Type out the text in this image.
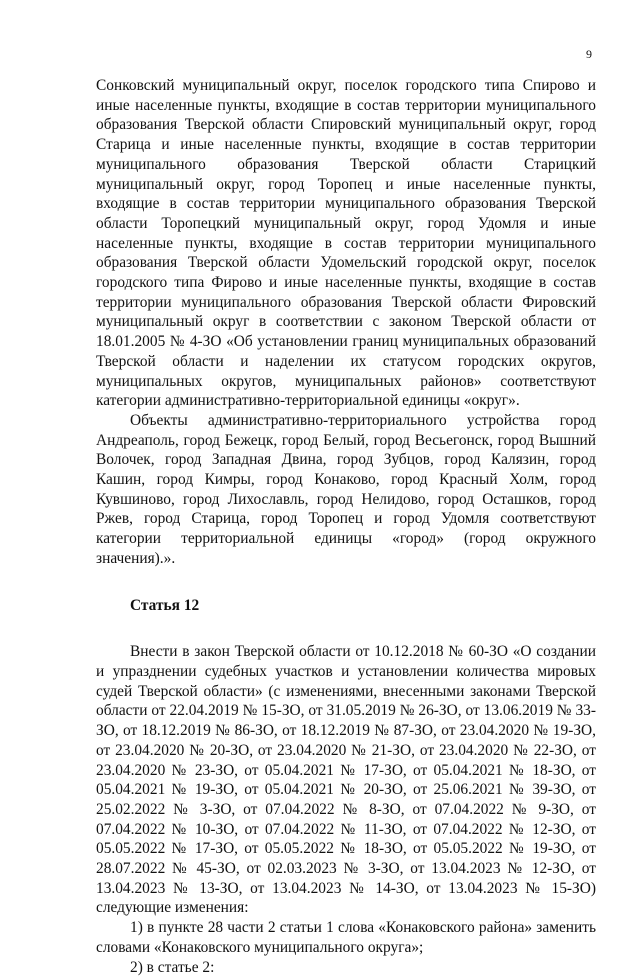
9

Сонковский муниципальный округ, поселок городского типа Спирово и иные населенные пункты, входящие в состав территории муниципального образования Тверской области Спировский муниципальный округ, город Старица и иные населенные пункты, входящие в состав территории муниципального образования Тверской области Старицкий муниципальный округ, город Торопец и иные населенные пункты, входящие в состав территории муниципального образования Тверской области Торопецкий муниципальный округ, город Удомля и иные населенные пункты, входящие в состав территории муниципального образования Тверской области Удомельский городской округ, поселок городского типа Фирово и иные населенные пункты, входящие в состав территории муниципального образования Тверской области Фировский муниципальный округ в соответствии с законом Тверской области от 18.01.2005 № 4-ЗО «Об установлении границ муниципальных образований Тверской области и наделении их статусом городских округов, муниципальных округов, муниципальных районов» соответствуют категории административно-территориальной единицы «округ».

Объекты административно-территориального устройства город Андреаполь, город Бежецк, город Белый, город Весьегонск, город Вышний Волочек, город Западная Двина, город Зубцов, город Калязин, город Кашин, город Кимры, город Конаково, город Красный Холм, город Кувшиново, город Лихославль, город Нелидово, город Осташков, город Ржев, город Старица, город Торопец и город Удомля соответствуют категории территориальной единицы «город» (город окружного значения).».

Статья 12

Внести в закон Тверской области от 10.12.2018 № 60-ЗО «О создании и упразднении судебных участков и установлении количества мировых судей Тверской области» (с изменениями, внесенными законами Тверской области от 22.04.2019 № 15-ЗО, от 31.05.2019 № 26-ЗО, от 13.06.2019 № 33-ЗО, от 18.12.2019 № 86-ЗО, от 18.12.2019 № 87-ЗО, от 23.04.2020 № 19-ЗО, от 23.04.2020 № 20-ЗО, от 23.04.2020 № 21-ЗО, от 23.04.2020 № 22-ЗО, от 23.04.2020 № 23-ЗО, от 05.04.2021 № 17-ЗО, от 05.04.2021 № 18-ЗО, от 05.04.2021 № 19-ЗО, от 05.04.2021 № 20-ЗО, от 25.06.2021 № 39-ЗО, от 25.02.2022 № 3-ЗО, от 07.04.2022 № 8-ЗО, от 07.04.2022 № 9-ЗО, от 07.04.2022 № 10-ЗО, от 07.04.2022 № 11-ЗО, от 07.04.2022 № 12-ЗО, от 05.05.2022 № 17-ЗО, от 05.05.2022 № 18-ЗО, от 05.05.2022 № 19-ЗО, от 28.07.2022 № 45-ЗО, от 02.03.2023 № 3-ЗО, от 13.04.2023 № 12-ЗО, от 13.04.2023 № 13-ЗО, от 13.04.2023 № 14-ЗО, от 13.04.2023 № 15-ЗО) следующие изменения:

1) в пункте 28 части 2 статьи 1 слова «Конаковского района» заменить словами «Конаковского муниципального округа»;

2) в статье 2:
